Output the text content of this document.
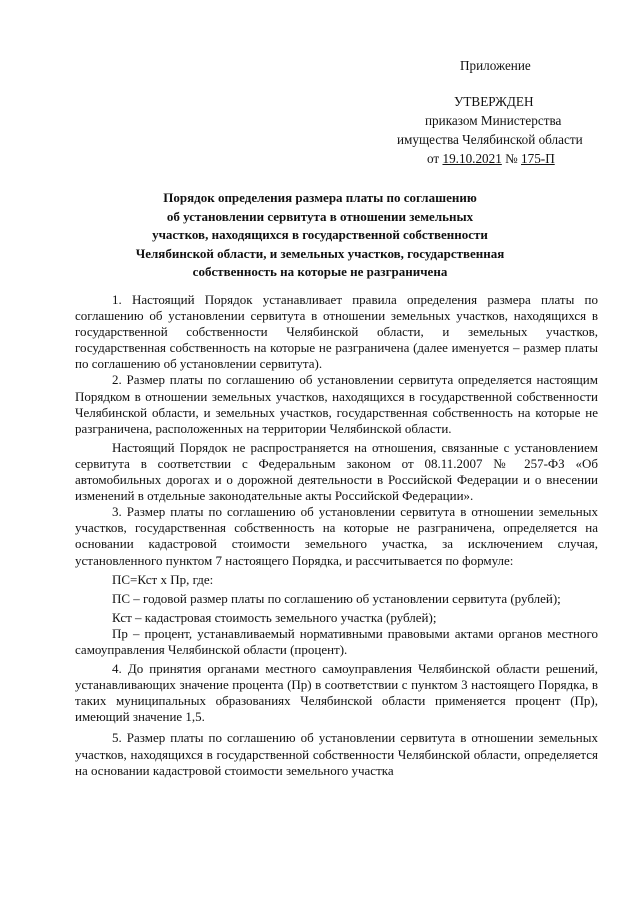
Приложение
УТВЕРЖДЕН
приказом Министерства
имущества Челябинской области
от 19.10.2021 № 175-П
Порядок определения размера платы по соглашению
об установлении сервитута в отношении земельных
участков, находящихся в государственной собственности
Челябинской области, и земельных участков, государственная
собственность на которые не разграничена

1. Настоящий Порядок устанавливает правила определения размера платы по соглашению об установлении сервитута в отношении земельных участков, находящихся в государственной собственности Челябинской области, и земельных участков, государственная собственность на которые не разграничена (далее именуется – размер платы по соглашению об установлении сервитута).

2. Размер платы по соглашению об установлении сервитута определяется настоящим Порядком в отношении земельных участков, находящихся в государственной собственности Челябинской области, и земельных участков, государственная собственность на которые не разграничена, расположенных на территории Челябинской области.

Настоящий Порядок не распространяется на отношения, связанные с установлением сервитута в соответствии с Федеральным законом от 08.11.2007 № 257-ФЗ «Об автомобильных дорогах и о дорожной деятельности в Российской Федерации и о внесении изменений в отдельные законодательные акты Российской Федерации».

3. Размер платы по соглашению об установлении сервитута в отношении земельных участков, государственная собственность на которые не разграничена, определяется на основании кадастровой стоимости земельного участка, за исключением случая, установленного пунктом 7 настоящего Порядка, и рассчитывается по формуле:

ПС=Кст х Пр, где:

ПС – годовой размер платы по соглашению об установлении сервитута (рублей);

Кст – кадастровая стоимость земельного участка (рублей);

Пр – процент, устанавливаемый нормативными правовыми актами органов местного самоуправления Челябинской области (процент).

4. До принятия органами местного самоуправления Челябинской области решений, устанавливающих значение процента (Пр) в соответствии с пунктом 3 настоящего Порядка, в таких муниципальных образованиях Челябинской области применяется процент (Пр), имеющий значение 1,5.

5. Размер платы по соглашению об установлении сервитута в отношении земельных участков, находящихся в государственной собственности Челябинской области, определяется на основании кадастровой стоимости земельного участка
